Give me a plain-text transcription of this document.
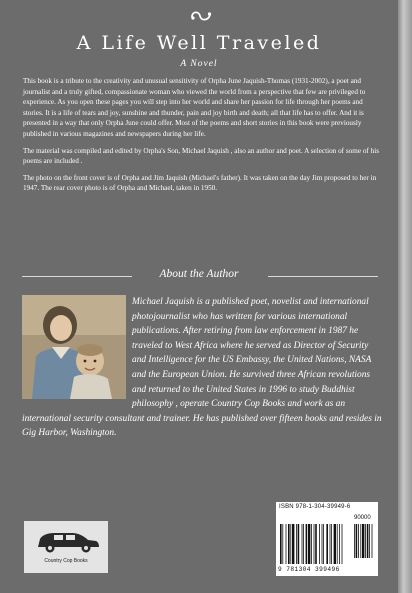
A Life Well Traveled
A Novel

This book is a tribute to the creativity and unusual sensitivity of Orpha June Jaquish-Thomas (1931-2002), a poet and journalist and a truly gifted, compassionate woman who viewed the world from a perspective that few are privileged to experience. As you open these pages you will step into her world and share her passion for life through her poems and stories. It is a life of tears and joy, sunshine and thunder, pain and joy birth and death; all that life has to offer. And it is presented in a way that only Orpha June could offer. Most of the poems and short stories in this book were previously published in various magazines and newspapers during her life.

The material was compiled and edited by Orpha's Son, Michael Jaquish , also an author and poet. A selection of some of his poems are included .

The photo on the front cover is of Orpha and Jim Jaquish (Michael's father). It was taken on the day Jim proposed to her in 1947. The rear cover photo is of Orpha and Michael, taken in 1950.

About the Author
Michael Jaquish is a published poet, novelist and international photojournalist who has written for various international publications. After retiring from law enforcement in 1987 he traveled to West Africa where he served as Director of Security and Intelligence for the US Embassy, the United Nations, NASA and the European Union. He survived three African revolutions and returned to the United States in 1996 to study Buddhist philosophy , operate Country Cop Books and work as an international security consultant and trainer. He has published over fifteen books and resides in Gig Harbor, Washington.
Country Cop Books
ISBN 978-1-304-39949-6
90000
9 781304 399496
